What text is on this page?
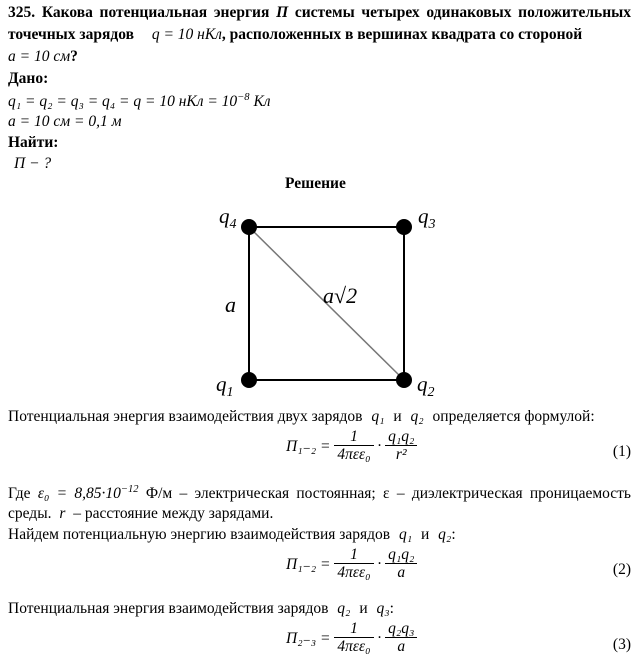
325. Какова потенциальная энергия П системы четырех одинаковых положительных
точечных зарядов q = 10 нКл, расположенных в вершинах квадрата со стороной
a = 10 см?
Дано:
q₁ = q₂ = q₃ = q₄ = q = 10 нКл = $10^{-8}$ Кл
a = 10 см = 0,1 м
Найти:
П − ?
Решение
$q_4$	$q_3$
$q_1$	$q_2$
a	a√2
Потенциальная энергия взаимодействия двух зарядов q₁ и q₂ определяется формулой:
$П_{1-2} = \frac{1}{\text{4πεε₀}} \cdot \frac{\text{q₁q₂}}{\text{r²}}$	(1)
Где $\varepsilon_0 = 8,85\cdot 10^{-12}$ Ф/м – электрическая постоянная; ε – диэлектрическая проницаемость
среды. r – расстояние между зарядами.
Найдем потенциальную энергию взаимодействия зарядов q₁ и q₂:
$П_{1-2} = \frac{1}{\text{4πεε₀}} \cdot \frac{\text{q₁q₂}}{a}$	(2)
Потенциальная энергия взаимодействия зарядов q₂ и q₃:
$П_{2-3} = \frac{1}{\text{4πεε₀}} \cdot \frac{\text{q₂q₃}}{a}$	(3)
